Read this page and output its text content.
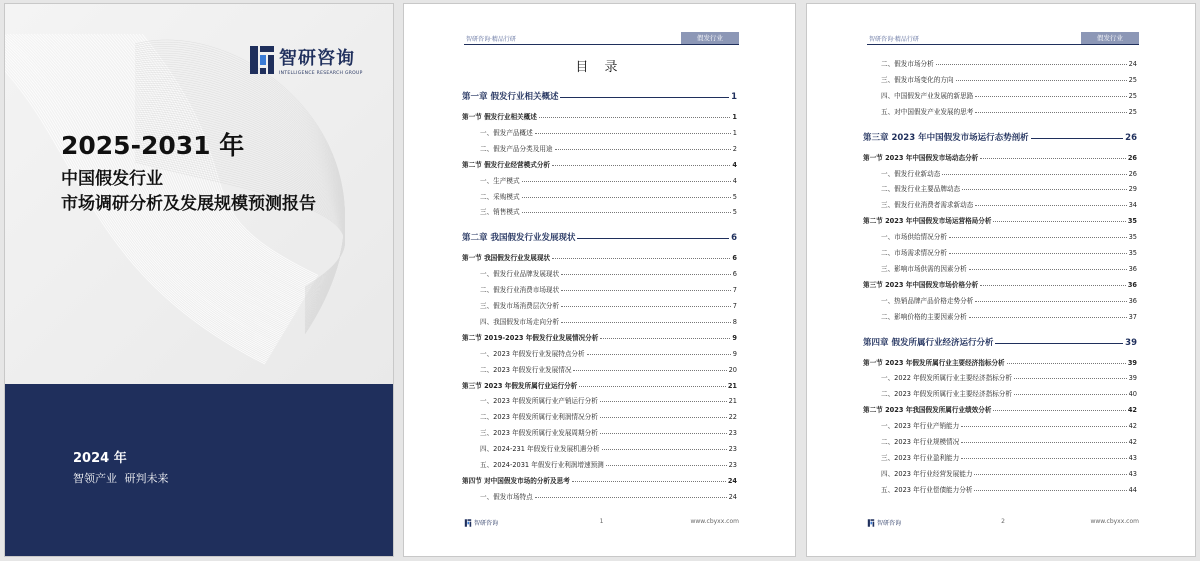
智研咨询
INTELLIGENCE RESEARCH GROUP
2025-2031 年
中国假发行业
市场调研分析及发展规模预测报告
2024 年
智领产业 研判未来
智研咨询·精品行研	假发行业
目 录
第一章 假发行业相关概述	1
第一节 假发行业相关概述	1
一、假发产品概述	1
二、假发产品分类及用途	2
第二节 假发行业经营模式分析	4
一、生产模式	4
二、采购模式	5
三、销售模式	5
第二章 我国假发行业发展现状	6
第一节 我国假发行业发展现状	6
一、假发行业品牌发展现状	6
二、假发行业消费市场现状	7
三、假发市场消费层次分析	7
四、我国假发市场走向分析	8
第二节 2019-2023 年假发行业发展情况分析	9
一、2023 年假发行业发展特点分析	9
二、2023 年假发行业发展情况	20
第三节 2023 年假发所属行业运行分析	21
一、2023 年假发所属行业产销运行分析	21
二、2023 年假发所属行业利润情况分析	22
三、2023 年假发所属行业发展周期分析	23
四、2024-231 年假发行业发展机遇分析	23
五、2024-2031 年假发行业利润增速预测	23
第四节 对中国假发市场的分析及思考	24
一、假发市场特点	24
智研咨询	1	www.cbyxx.com
智研咨询·精品行研	假发行业
二、假发市场分析	24
三、假发市场变化的方向	25
四、中国假发产业发展的新思路	25
五、对中国假发产业发展的思考	25
第三章 2023 年中国假发市场运行态势剖析	26
第一节 2023 年中国假发市场动态分析	26
一、假发行业新动态	26
二、假发行业主要品牌动态	29
三、假发行业消费者需求新动态	34
第二节 2023 年中国假发市场运营格局分析	35
一、市场供给情况分析	35
二、市场需求情况分析	35
三、影响市场供需的因素分析	36
第三节 2023 年中国假发市场价格分析	36
一、热销品牌产品价格走势分析	36
二、影响价格的主要因素分析	37
第四章 假发所属行业经济运行分析	39
第一节 2023 年假发所属行业主要经济指标分析	39
一、2022 年假发所属行业主要经济指标分析	39
二、2023 年假发所属行业主要经济指标分析	40
第二节 2023 年我国假发所属行业绩效分析	42
一、2023 年行业产销能力	42
二、2023 年行业规模情况	42
三、2023 年行业盈利能力	43
四、2023 年行业经营发展能力	43
五、2023 年行业偿债能力分析	44
智研咨询	2	www.cbyxx.com
